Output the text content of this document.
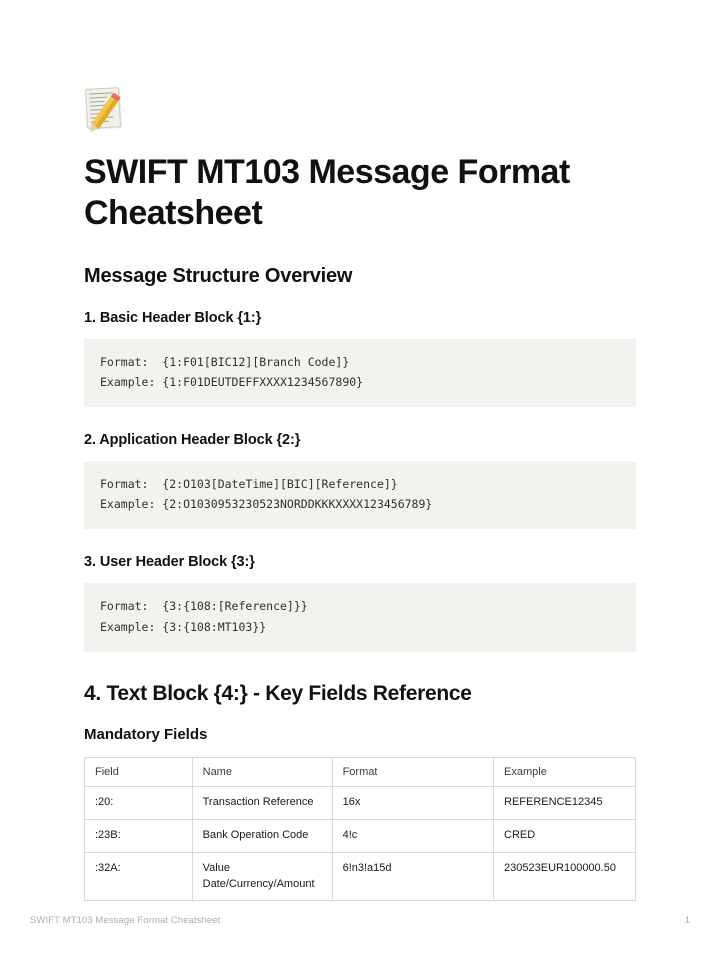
SWIFT MT103 Message Format Cheatsheet
Message Structure Overview
1. Basic Header Block {1:}
Format:  {1:F01[BIC12][Branch Code]}
Example: {1:F01DEUTDEFFXXXX1234567890}
2. Application Header Block {2:}
Format:  {2:O103[DateTime][BIC][Reference]}
Example: {2:O1030953230523NORDDKKKXXXX123456789}
3. User Header Block {3:}
Format:  {3:{108:[Reference]}}
Example: {3:{108:MT103}}
4. Text Block {4:} - Key Fields Reference
Mandatory Fields
Field	Name	Format	Example
:20:	Transaction Reference	16x	REFERENCE12345
:23B:	Bank Operation Code	4!c	CRED
:32A:	Value Date/Currency/Amount	6!n3!a15d	230523EUR100000.50
SWIFT MT103 Message Format Cheatsheet	1
